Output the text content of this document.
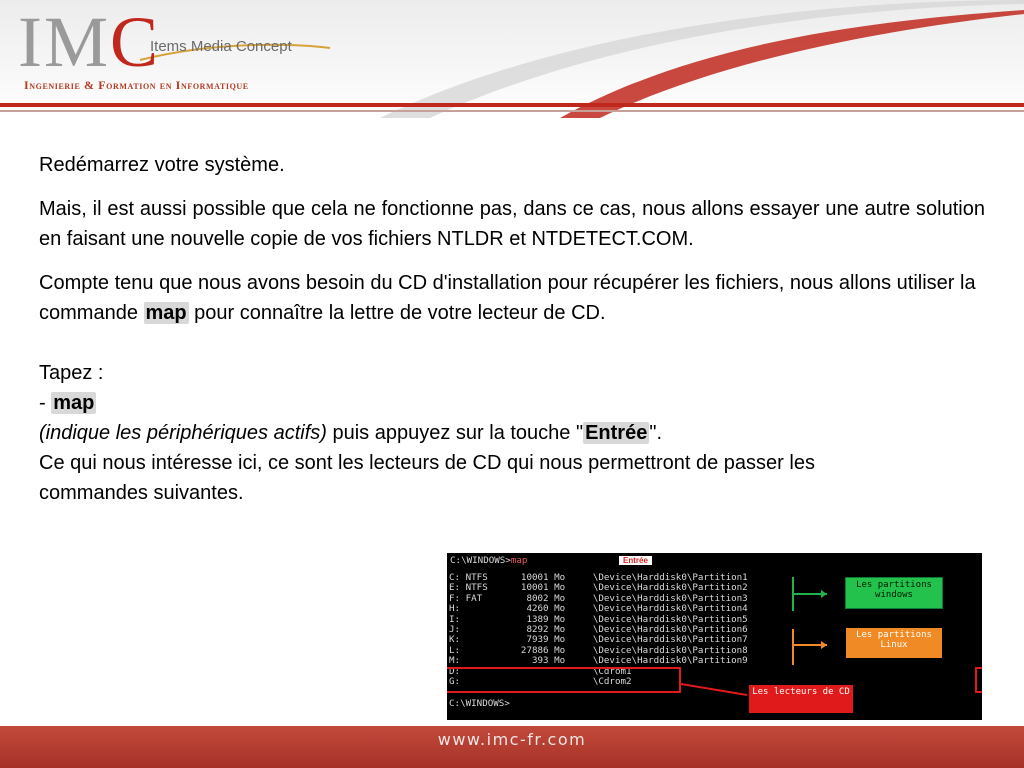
IMC
Items Media Concept
Ingenierie & Formation en Informatique

Redémarrez votre système.

Mais, il est aussi possible que cela ne fonctionne pas, dans ce cas, nous allons essayer une autre solution en faisant une nouvelle copie de vos fichiers NTLDR et NTDETECT.COM.

Compte tenu que nous avons besoin du CD d'installation pour récupérer les fichiers, nous allons utiliser la commande map pour connaître la lettre de votre lecteur de CD.

Tapez :

- map

(indique les périphériques actifs) puis appuyez sur la touche " Entrée ".

Ce qui nous intéresse ici, ce sont les lecteurs de CD qui nous permettront de passer les commandes suivantes.

C:\WINDOWS>map	Entrée
C: NTFS      10001 Mo     \Device\Harddisk0\Partition1
E: NTFS      10001 Mo     \Device\Harddisk0\Partition2
F: FAT        8002 Mo     \Device\Harddisk0\Partition3
H:            4260 Mo     \Device\Harddisk0\Partition4
I:            1389 Mo     \Device\Harddisk0\Partition5
J:            8292 Mo     \Device\Harddisk0\Partition6
K:            7939 Mo     \Device\Harddisk0\Partition7
L:           27886 Mo     \Device\Harddisk0\Partition8
M:             393 Mo     \Device\Harddisk0\Partition9
D:                        \Cdrom1
G:                        \Cdrom2
C:\WINDOWS>
Les partitions windows
Les partitions Linux
Les lecteurs de CD
www.imc-fr.com
